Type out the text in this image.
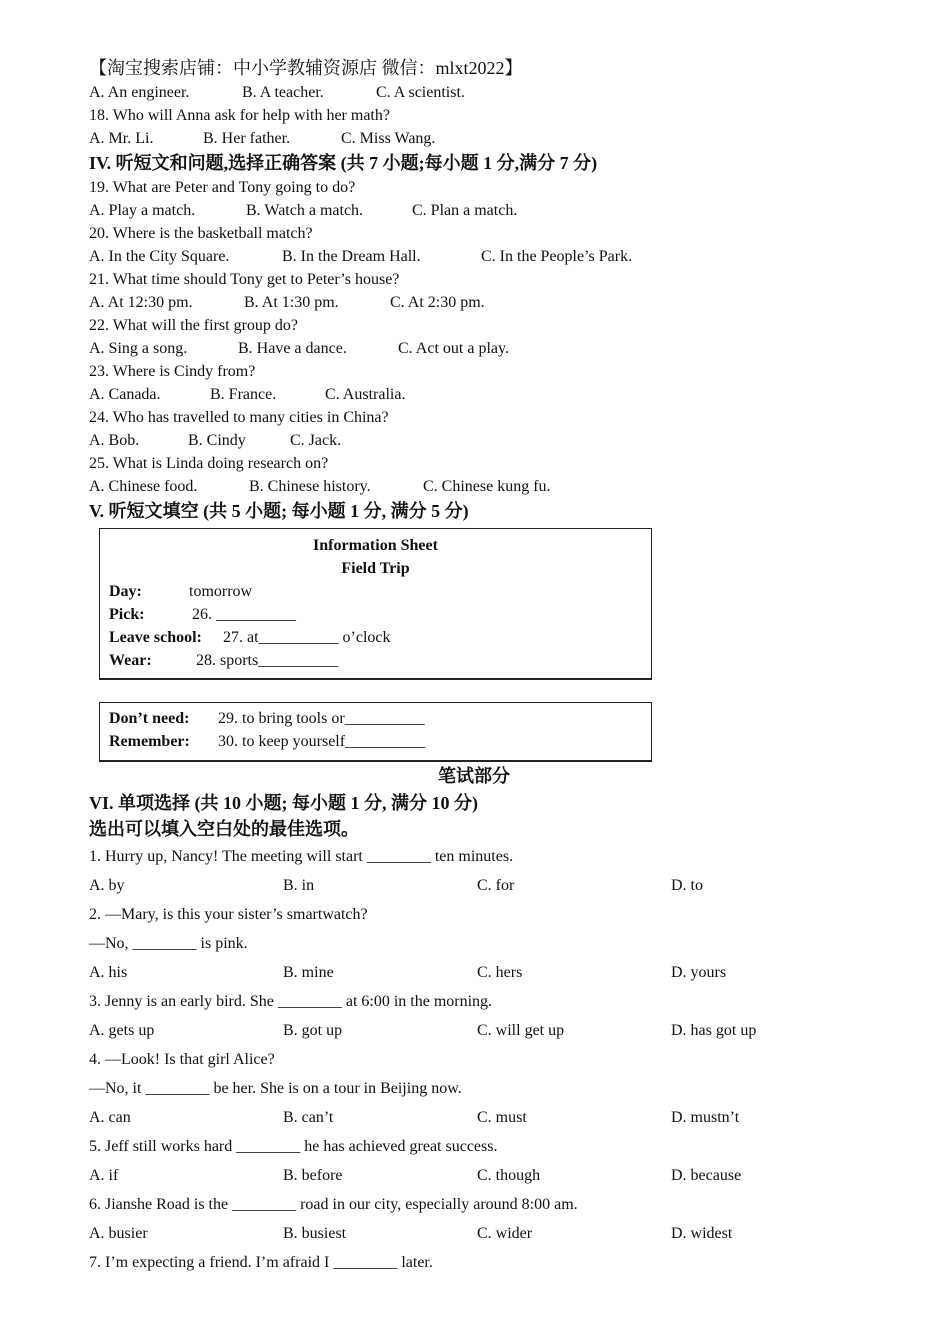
【淘宝搜索店铺：中小学教辅资源店 微信：mlxt2022】
A. An engineer.	B. A teacher.	C. A scientist.
18. Who will Anna ask for help with her math?
A. Mr. Li.	B. Her father.	C. Miss Wang.
IV. 听短文和问题,选择正确答案 (共 7 小题;每小题 1 分,满分 7 分)
19. What are Peter and Tony going to do?
A. Play a match.	B. Watch a match.	C. Plan a match.
20. Where is the basketball match?
A. In the City Square.	B. In the Dream Hall.	C. In the People’s Park.
21. What time should Tony get to Peter’s house?
A. At 12:30 pm.	B. At 1:30 pm.	C. At 2:30 pm.
22. What will the first group do?
A. Sing a song.	B. Have a dance.	C. Act out a play.
23. Where is Cindy from?
A. Canada.	B. France.	C. Australia.
24. Who has travelled to many cities in China?
A. Bob.	B. Cindy	C. Jack.
25. What is Linda doing research on?
A. Chinese food.	B. Chinese history.	C. Chinese kung fu.
V. 听短文填空 (共 5 小题; 每小题 1 分, 满分 5 分)
Information Sheet
Field Trip
Day:	tomorrow
Pick:	26. __________
Leave school: 27. at__________ o’clock
Wear:	28. sports__________
Don’t need: 29. to bring tools or__________
Remember: 30. to keep yourself__________
笔试部分
VI. 单项选择 (共 10 小题; 每小题 1 分, 满分 10 分)
选出可以填入空白处的最佳选项。
1. Hurry up, Nancy! The meeting will start ________ ten minutes.
A. by	B. in	C. for	D. to
2. —Mary, is this your sister’s smartwatch?
—No, ________ is pink.
A. his	B. mine	C. hers	D. yours
3. Jenny is an early bird. She ________ at 6:00 in the morning.
A. gets up	B. got up	C. will get up	D. has got up
4. —Look! Is that girl Alice?
—No, it ________ be her. She is on a tour in Beijing now.
A. can	B. can’t	C. must	D. mustn’t
5. Jeff still works hard ________ he has achieved great success.
A. if	B. before	C. though	D. because
6. Jianshe Road is the ________ road in our city, especially around 8:00 am.
A. busier	B. busiest	C. wider	D. widest
7. I’m expecting a friend. I’m afraid I ________ later.
